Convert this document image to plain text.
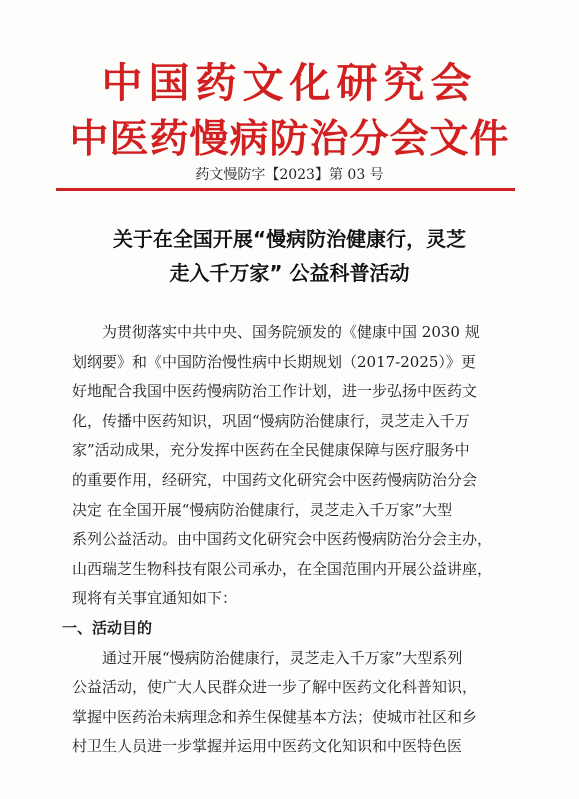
中国药文化研究会
中医药慢病防治分会文件
药文慢防字【2023】第 03 号
关于在全国开展“慢病防治健康行，灵芝
走入千万家” 公益科普活动
为贯彻落实中共中央、国务院颁发的《健康中国 2030 规
划纲要》和《中国防治慢性病中长期规划（2017-2025）》更
好地配合我国中医药慢病防治工作计划，进一步弘扬中医药文
化，传播中医药知识，巩固“慢病防治健康行，灵芝走入千万
家”活动成果，充分发挥中医药在全民健康保障与医疗服务中
的重要作用，经研究，中国药文化研究会中医药慢病防治分会
决定 在全国开展“慢病防治健康行，灵芝走入千万家”大型
系列公益活动。由中国药文化研究会中医药慢病防治分会主办，
山西瑞芝生物科技有限公司承办，在全国范围内开展公益讲座，
现将有关事宜通知如下：
一、活动目的
通过开展“慢病防治健康行，灵芝走入千万家”大型系列
公益活动，使广大人民群众进一步了解中医药文化科普知识，
掌握中医药治未病理念和养生保健基本方法；使城市社区和乡
村卫生人员进一步掌握并运用中医药文化知识和中医特色医
